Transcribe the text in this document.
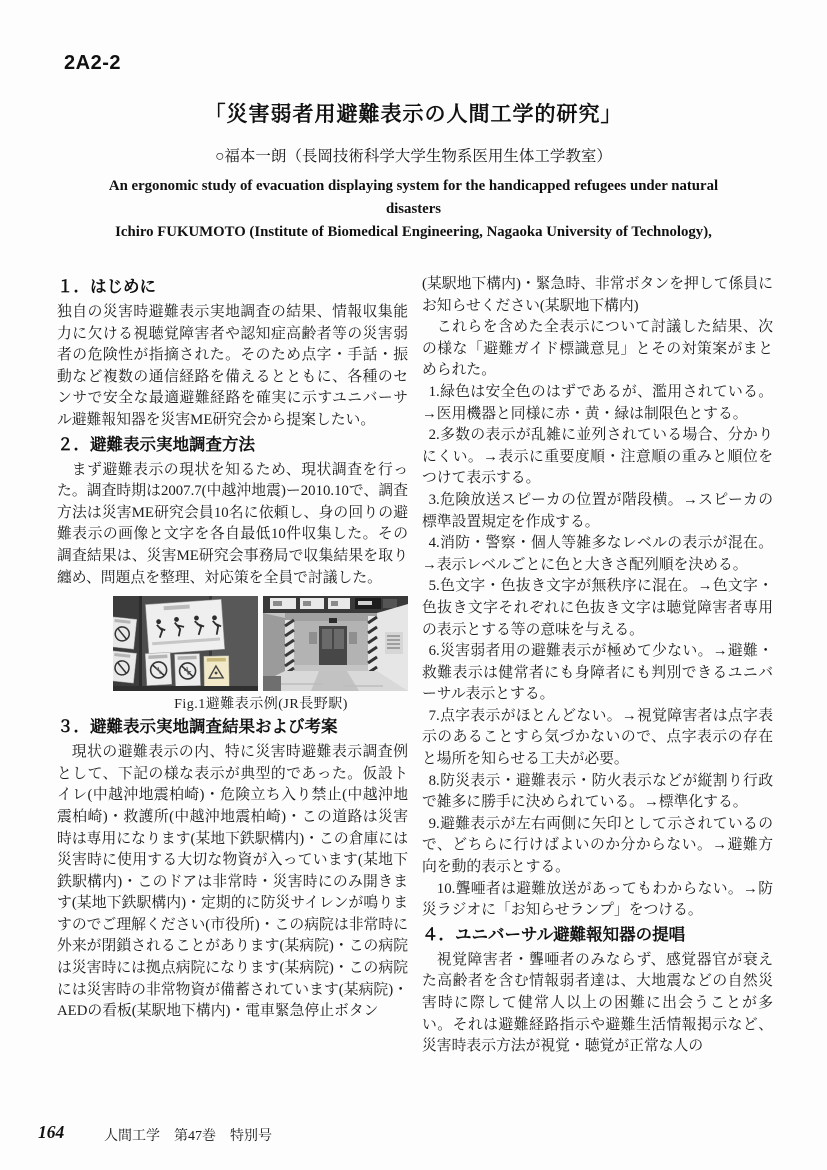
2A2-2
「災害弱者用避難表示の人間工学的研究」
○福本一朗（長岡技術科学大学生物系医用生体工学教室）
An ergonomic study of evacuation displaying system for the handicapped refugees under natural
disasters
Ichiro FUKUMOTO (Institute of Biomedical Engineering, Nagaoka University of Technology),
１．はじめに

独自の災害時避難表示実地調査の結果、情報収集能力に欠ける視聴覚障害者や認知症高齢者等の災害弱者の危険性が指摘された。そのため点字・手話・振動など複数の通信経路を備えるとともに、各種のセンサで安全な最適避難経路を確実に示すユニバーサル避難報知器を災害ME研究会から提案したい。

２．避難表示実地調査方法

まず避難表示の現状を知るため、現状調査を行った。調査時期は2007.7(中越沖地震)ー2010.10で、調査方法は災害ME研究会員10名に依頼し、身の回りの避難表示の画像と文字を各自最低10件収集した。その調査結果は、災害ME研究会事務局で収集結果を取り纏め、問題点を整理、対応策を全員で討議した。

Fig.1避難表示例(JR長野駅)

３．避難表示実地調査結果および考案

現状の避難表示の内、特に災害時避難表示調査例として、下記の様な表示が典型的であった。仮設トイレ(中越沖地震柏崎)・危険立ち入り禁止(中越沖地震柏崎)・救護所(中越沖地震柏崎)・この道路は災害時は専用になります(某地下鉄駅構内)・この倉庫には災害時に使用する大切な物資が入っています(某地下鉄駅構内)・このドアは非常時・災害時にのみ開きます(某地下鉄駅構内)・定期的に防災サイレンが鳴りますのでご理解ください(市役所)・この病院は非常時に外来が閉鎖されることがあります(某病院)・この病院は災害時には拠点病院になります(某病院)・この病院には災害時の非常物資が備蓄されています(某病院)・AEDの看板(某駅地下構内)・電車緊急停止ボタン

(某駅地下構内)・緊急時、非常ボタンを押して係員にお知らせください(某駅地下構内)

これらを含めた全表示について討議した結果、次の様な「避難ガイド標識意見」とその対策案がまとめられた。

1.緑色は安全色のはずであるが、濫用されている。→医用機器と同様に赤・黄・緑は制限色とする。

2.多数の表示が乱雑に並列されている場合、分かりにくい。→表示に重要度順・注意順の重みと順位をつけて表示する。

3.危険放送スピーカの位置が階段横。→スピーカの標準設置規定を作成する。

4.消防・警察・個人等雑多なレベルの表示が混在。→表示レベルごとに色と大きさ配列順を決める。

5.色文字・色抜き文字が無秩序に混在。→色文字・色抜き文字それぞれに色抜き文字は聴覚障害者専用の表示とする等の意味を与える。

6.災害弱者用の避難表示が極めて少ない。→避難・救難表示は健常者にも身障者にも判別できるユニバーサル表示とする。

7.点字表示がほとんどない。→視覚障害者は点字表示のあることすら気づかないので、点字表示の存在と場所を知らせる工夫が必要。

8.防災表示・避難表示・防火表示などが縦割り行政で雑多に勝手に決められている。→標準化する。

9.避難表示が左右両側に矢印として示されているので、どちらに行けばよいのか分からない。→避難方向を動的表示とする。

10.聾唖者は避難放送があってもわからない。→防災ラジオに「お知らせランプ」をつける。

４．ユニバーサル避難報知器の提唱

視覚障害者・聾唖者のみならず、感覚器官が衰えた高齢者を含む情報弱者達は、大地震などの自然災害時に際して健常人以上の困難に出会うことが多い。それは避難経路指示や避難生活情報掲示など、災害時表示方法が視覚・聴覚が正常な人の

164	人間工学　第47巻　特別号
